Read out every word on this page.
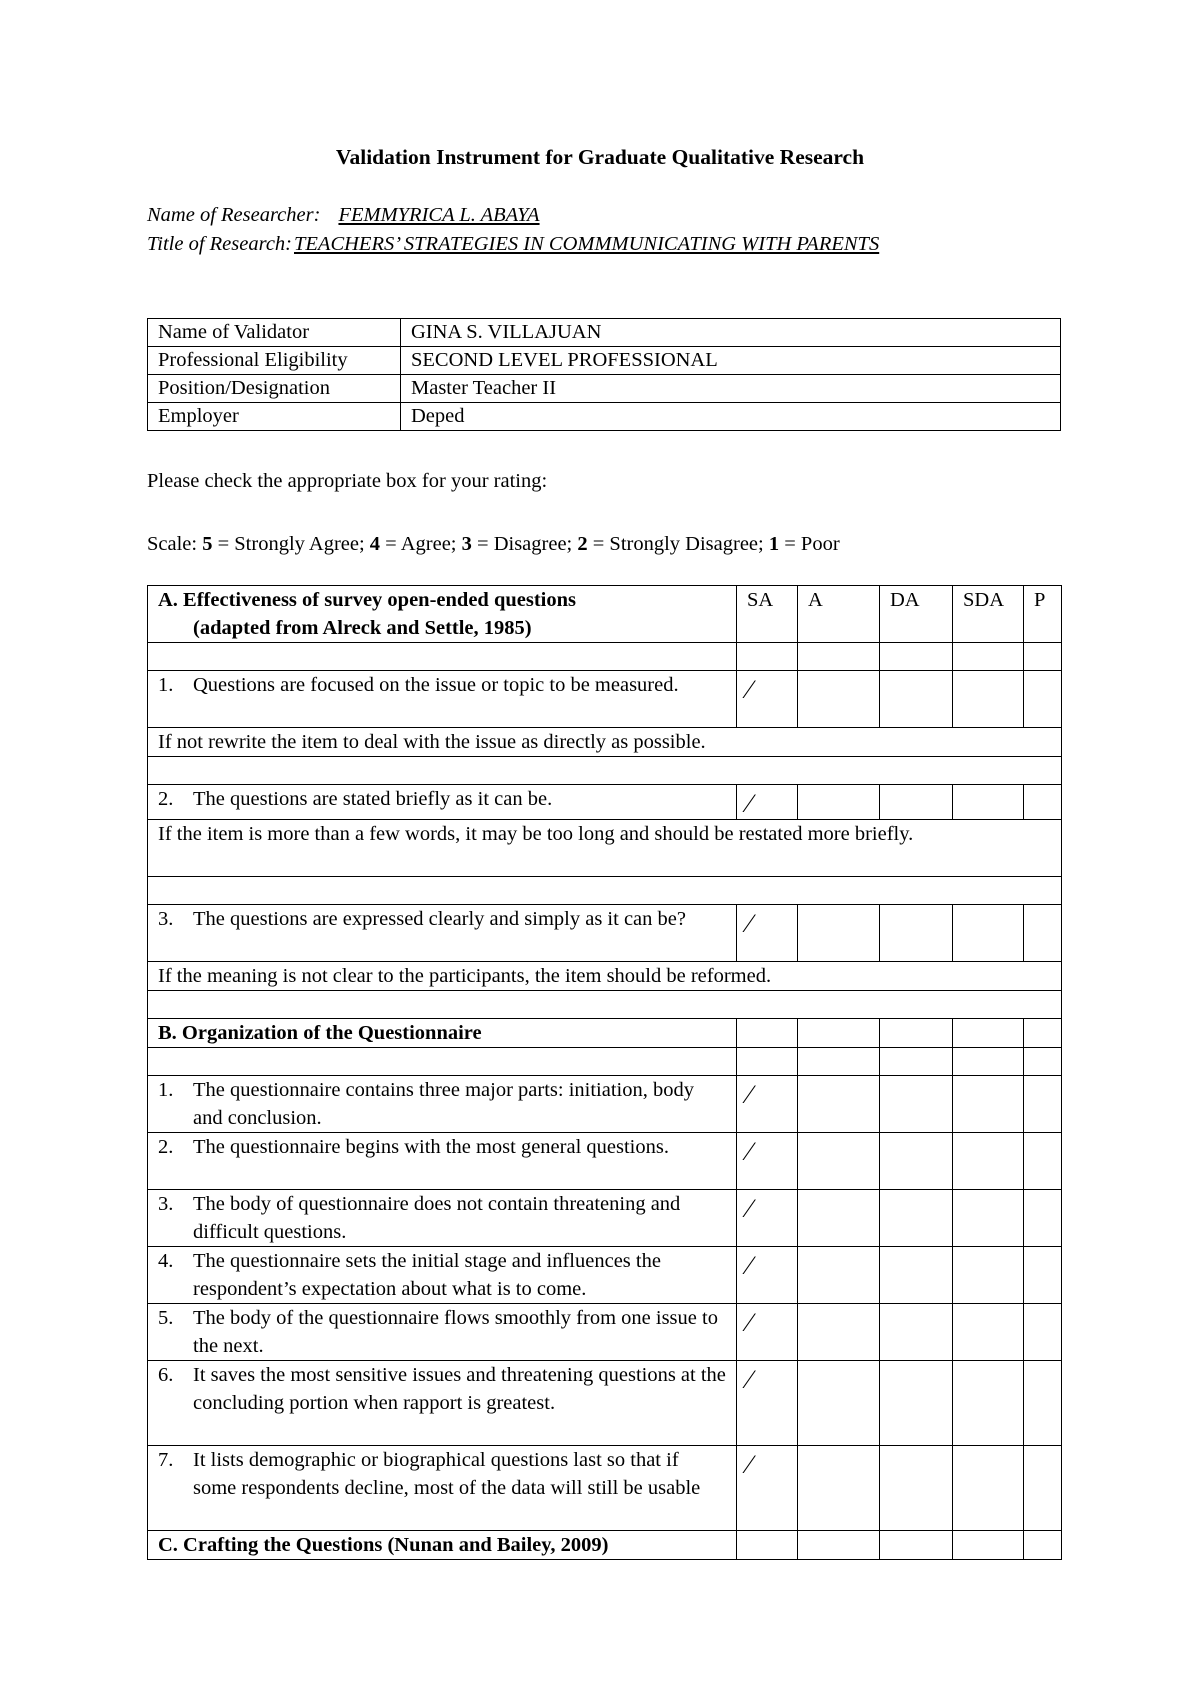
Validation Instrument for Graduate Qualitative Research
Name of Researcher: FEMMYRICA L. ABAYA
Title of Research:TEACHERS’ STRATEGIES IN COMMMUNICATING WITH PARENTS
Name of Validator	GINA S. VILLAJUAN
Professional Eligibility	SECOND LEVEL PROFESSIONAL
Position/Designation	Master Teacher II
Employer	Deped
Please check the appropriate box for your rating:
Scale: 5 = Strongly Agree; 4 = Agree; 3 = Disagree; 2 = Strongly Disagree; 1 = Poor
A. Effectiveness of survey open-ended questions
(adapted from Alreck and Settle, 1985)	SA	A	DA	SDA	P

1. Questions are focused on the issue or topic to be measured.	⁄				

If not rewrite the item to deal with the issue as directly as possible.					

2. The questions are stated briefly as it can be.	⁄				

If the item is more than a few words, it may be too long and should be restated more briefly.					

3. The questions are expressed clearly and simply as it can be?	⁄				

If the meaning is not clear to the participants, the item should be reformed.					

B. Organization of the Questionnaire					

1. The questionnaire contains three major parts: initiation, body and conclusion.	⁄				

2. The questionnaire begins with the most general questions.	⁄				

3. The body of questionnaire does not contain threatening and difficult questions.	⁄				

4. The questionnaire sets the initial stage and influences the respondent’s expectation about what is to come.	⁄				

5. The body of the questionnaire flows smoothly from one issue to the next.	⁄				

6. It saves the most sensitive issues and threatening questions at the concluding portion when rapport is greatest.	⁄				

7. It lists demographic or biographical questions last so that if some respondents decline, most of the data will still be usable	⁄				

C. Crafting the Questions (Nunan and Bailey, 2009)					
